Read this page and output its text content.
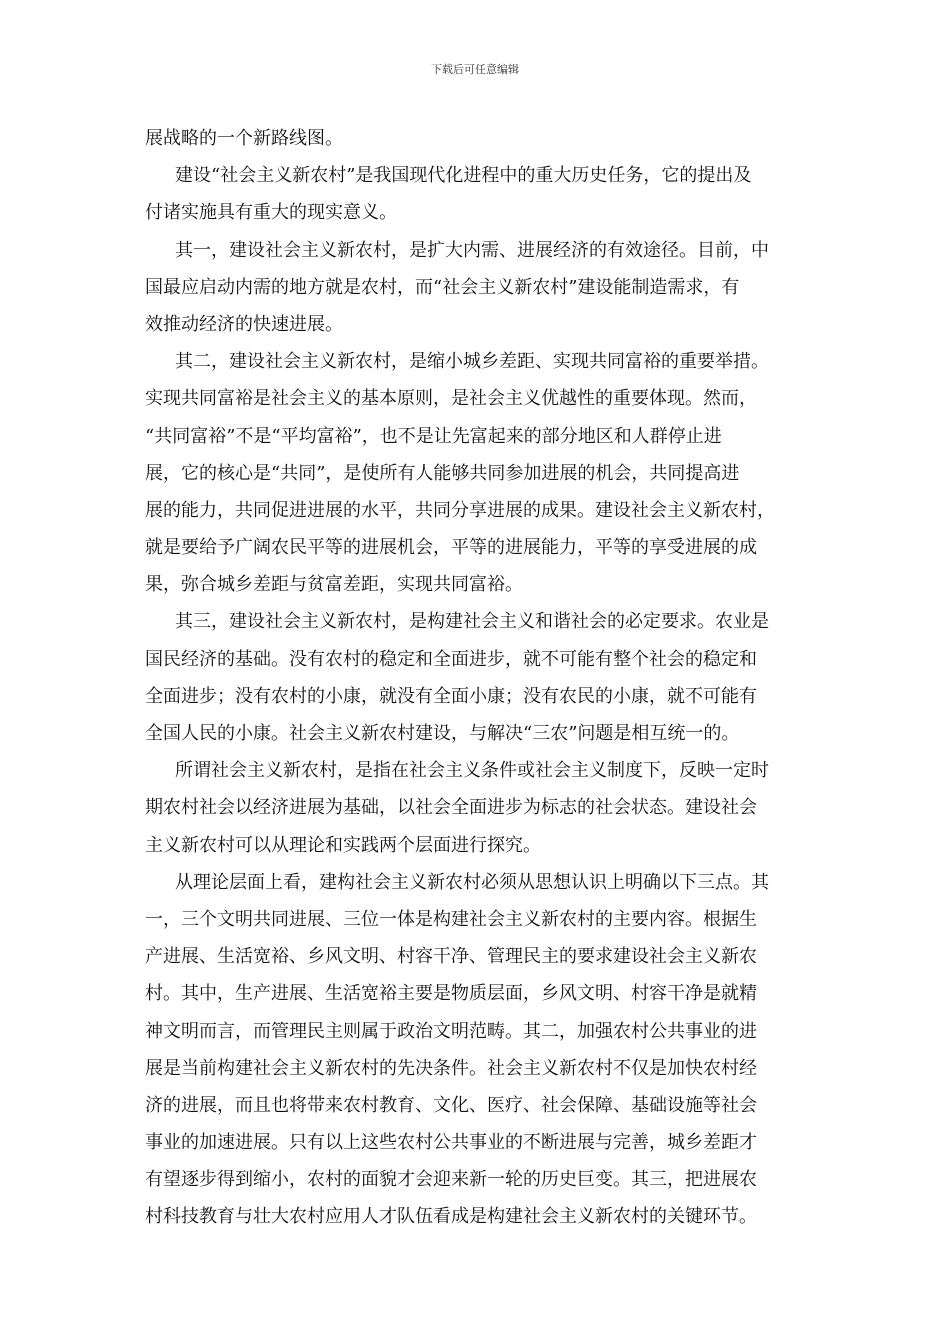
下载后可任意编辑
展战略的一个新路线图。
建设“社会主义新农村”是我国现代化进程中的重大历史任务，它的提出及
付诸实施具有重大的现实意义。
其一，建设社会主义新农村，是扩大内需、进展经济的有效途径。目前，中
国最应启动内需的地方就是农村，而“社会主义新农村”建设能制造需求，有
效推动经济的快速进展。
其二，建设社会主义新农村，是缩小城乡差距、实现共同富裕的重要举措。
实现共同富裕是社会主义的基本原则，是社会主义优越性的重要体现。然而，
“共同富裕”不是“平均富裕”，也不是让先富起来的部分地区和人群停止进
展，它的核心是“共同”，是使所有人能够共同参加进展的机会，共同提高进
展的能力，共同促进进展的水平，共同分享进展的成果。建设社会主义新农村，
就是要给予广阔农民平等的进展机会，平等的进展能力，平等的享受进展的成
果，弥合城乡差距与贫富差距，实现共同富裕。
其三，建设社会主义新农村，是构建社会主义和谐社会的必定要求。农业是
国民经济的基础。没有农村的稳定和全面进步，就不可能有整个社会的稳定和
全面进步；没有农村的小康，就没有全面小康；没有农民的小康，就不可能有
全国人民的小康。社会主义新农村建设，与解决“三农”问题是相互统一的。
所谓社会主义新农村，是指在社会主义条件或社会主义制度下，反映一定时
期农村社会以经济进展为基础，以社会全面进步为标志的社会状态。建设社会
主义新农村可以从理论和实践两个层面进行探究。
从理论层面上看，建构社会主义新农村必须从思想认识上明确以下三点。其
一，三个文明共同进展、三位一体是构建社会主义新农村的主要内容。根据生
产进展、生活宽裕、乡风文明、村容干净、管理民主的要求建设社会主义新农
村。其中，生产进展、生活宽裕主要是物质层面，乡风文明、村容干净是就精
神文明而言，而管理民主则属于政治文明范畴。其二，加强农村公共事业的进
展是当前构建社会主义新农村的先决条件。社会主义新农村不仅是加快农村经
济的进展，而且也将带来农村教育、文化、医疗、社会保障、基础设施等社会
事业的加速进展。只有以上这些农村公共事业的不断进展与完善，城乡差距才
有望逐步得到缩小，农村的面貌才会迎来新一轮的历史巨变。其三，把进展农
村科技教育与壮大农村应用人才队伍看成是构建社会主义新农村的关键环节。
